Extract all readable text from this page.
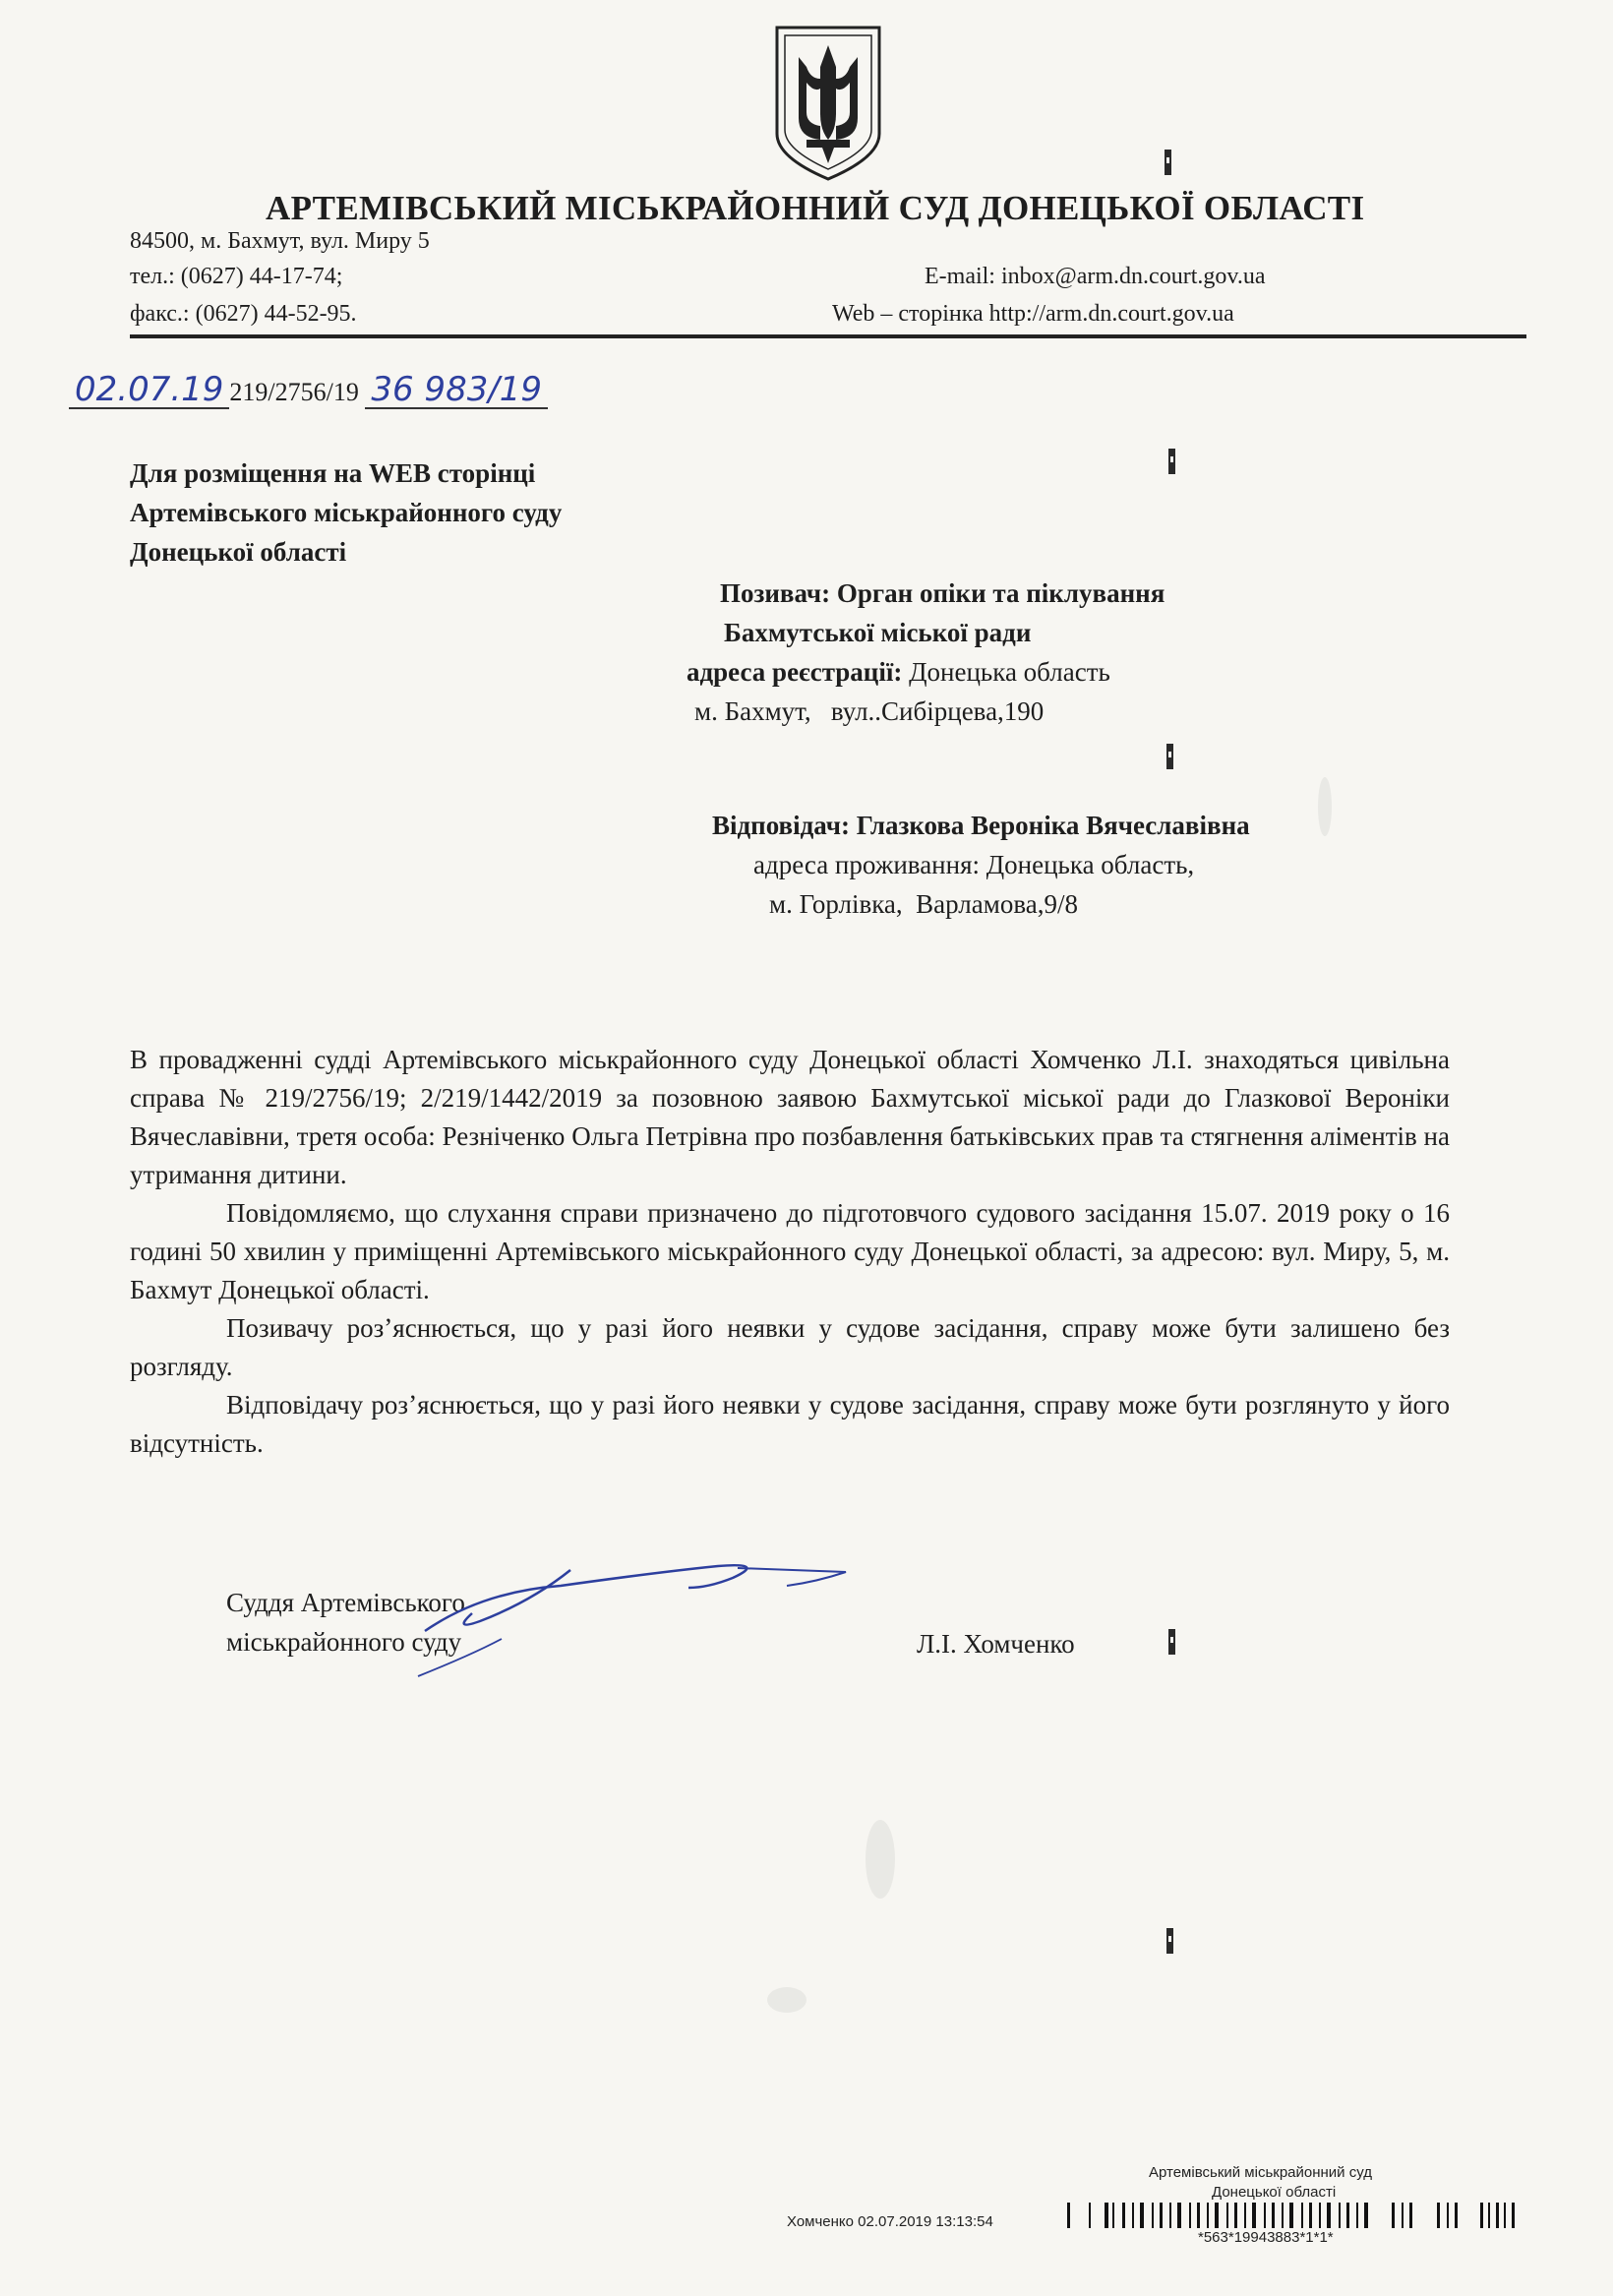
АРТЕМІВСЬКИЙ МІСЬКРАЙОННИЙ СУД ДОНЕЦЬКОЇ ОБЛАСТІ
84500, м. Бахмут, вул. Миру 5
тел.: (0627) 44-17-74;
факс.: (0627) 44-52-95.
E-mail: inbox@arm.dn.court.gov.ua
Web – сторінка http://arm.dn.court.gov.ua
02.07.19 219/2756/19 36 983/19
Для розміщення на WEB сторінці
Артемівського міськрайонного суду
Донецької області
Позивач: Орган опіки та піклування
Бахмутської міської ради
адреса реєстрації: Донецька область
м. Бахмут,   вул..Сибірцева,190
Відповідач: Глазкова Вероніка Вячеславівна
адреса проживання: Донецька область,
м. Горлівка,  Варламова,9/8

В провадженні судді Артемівського міськрайонного суду Донецької області Хомченко Л.І. знаходяться цивільна справа № 219/2756/19; 2/219/1442/2019 за позовною заявою Бахмутської міської ради до Глазкової Вероніки Вячеславівни, третя особа: Резніченко Ольга Петрівна про позбавлення батьківських прав та стягнення аліментів на утримання дитини.

Повідомляємо, що слухання справи призначено до підготовчого судового засідання 15.07. 2019 року о 16 годині 50 хвилин у приміщенні Артемівського міськрайонного суду Донецької області, за адресою: вул. Миру, 5, м. Бахмут Донецької області.

Позивачу розʼяснюється, що у разі його неявки у судове засідання, справу може бути залишено без розгляду.

Відповідачу розʼяснюється, що у разі його неявки у судове засідання, справу може бути розглянуто у його відсутність.

Суддя Артемівського
міськрайонного суду	Л.І. Хомченко
Артемівський міськрайонний суд
Донецької області
Хомченко 02.07.2019 13:13:54
*563*19943883*1*1*
